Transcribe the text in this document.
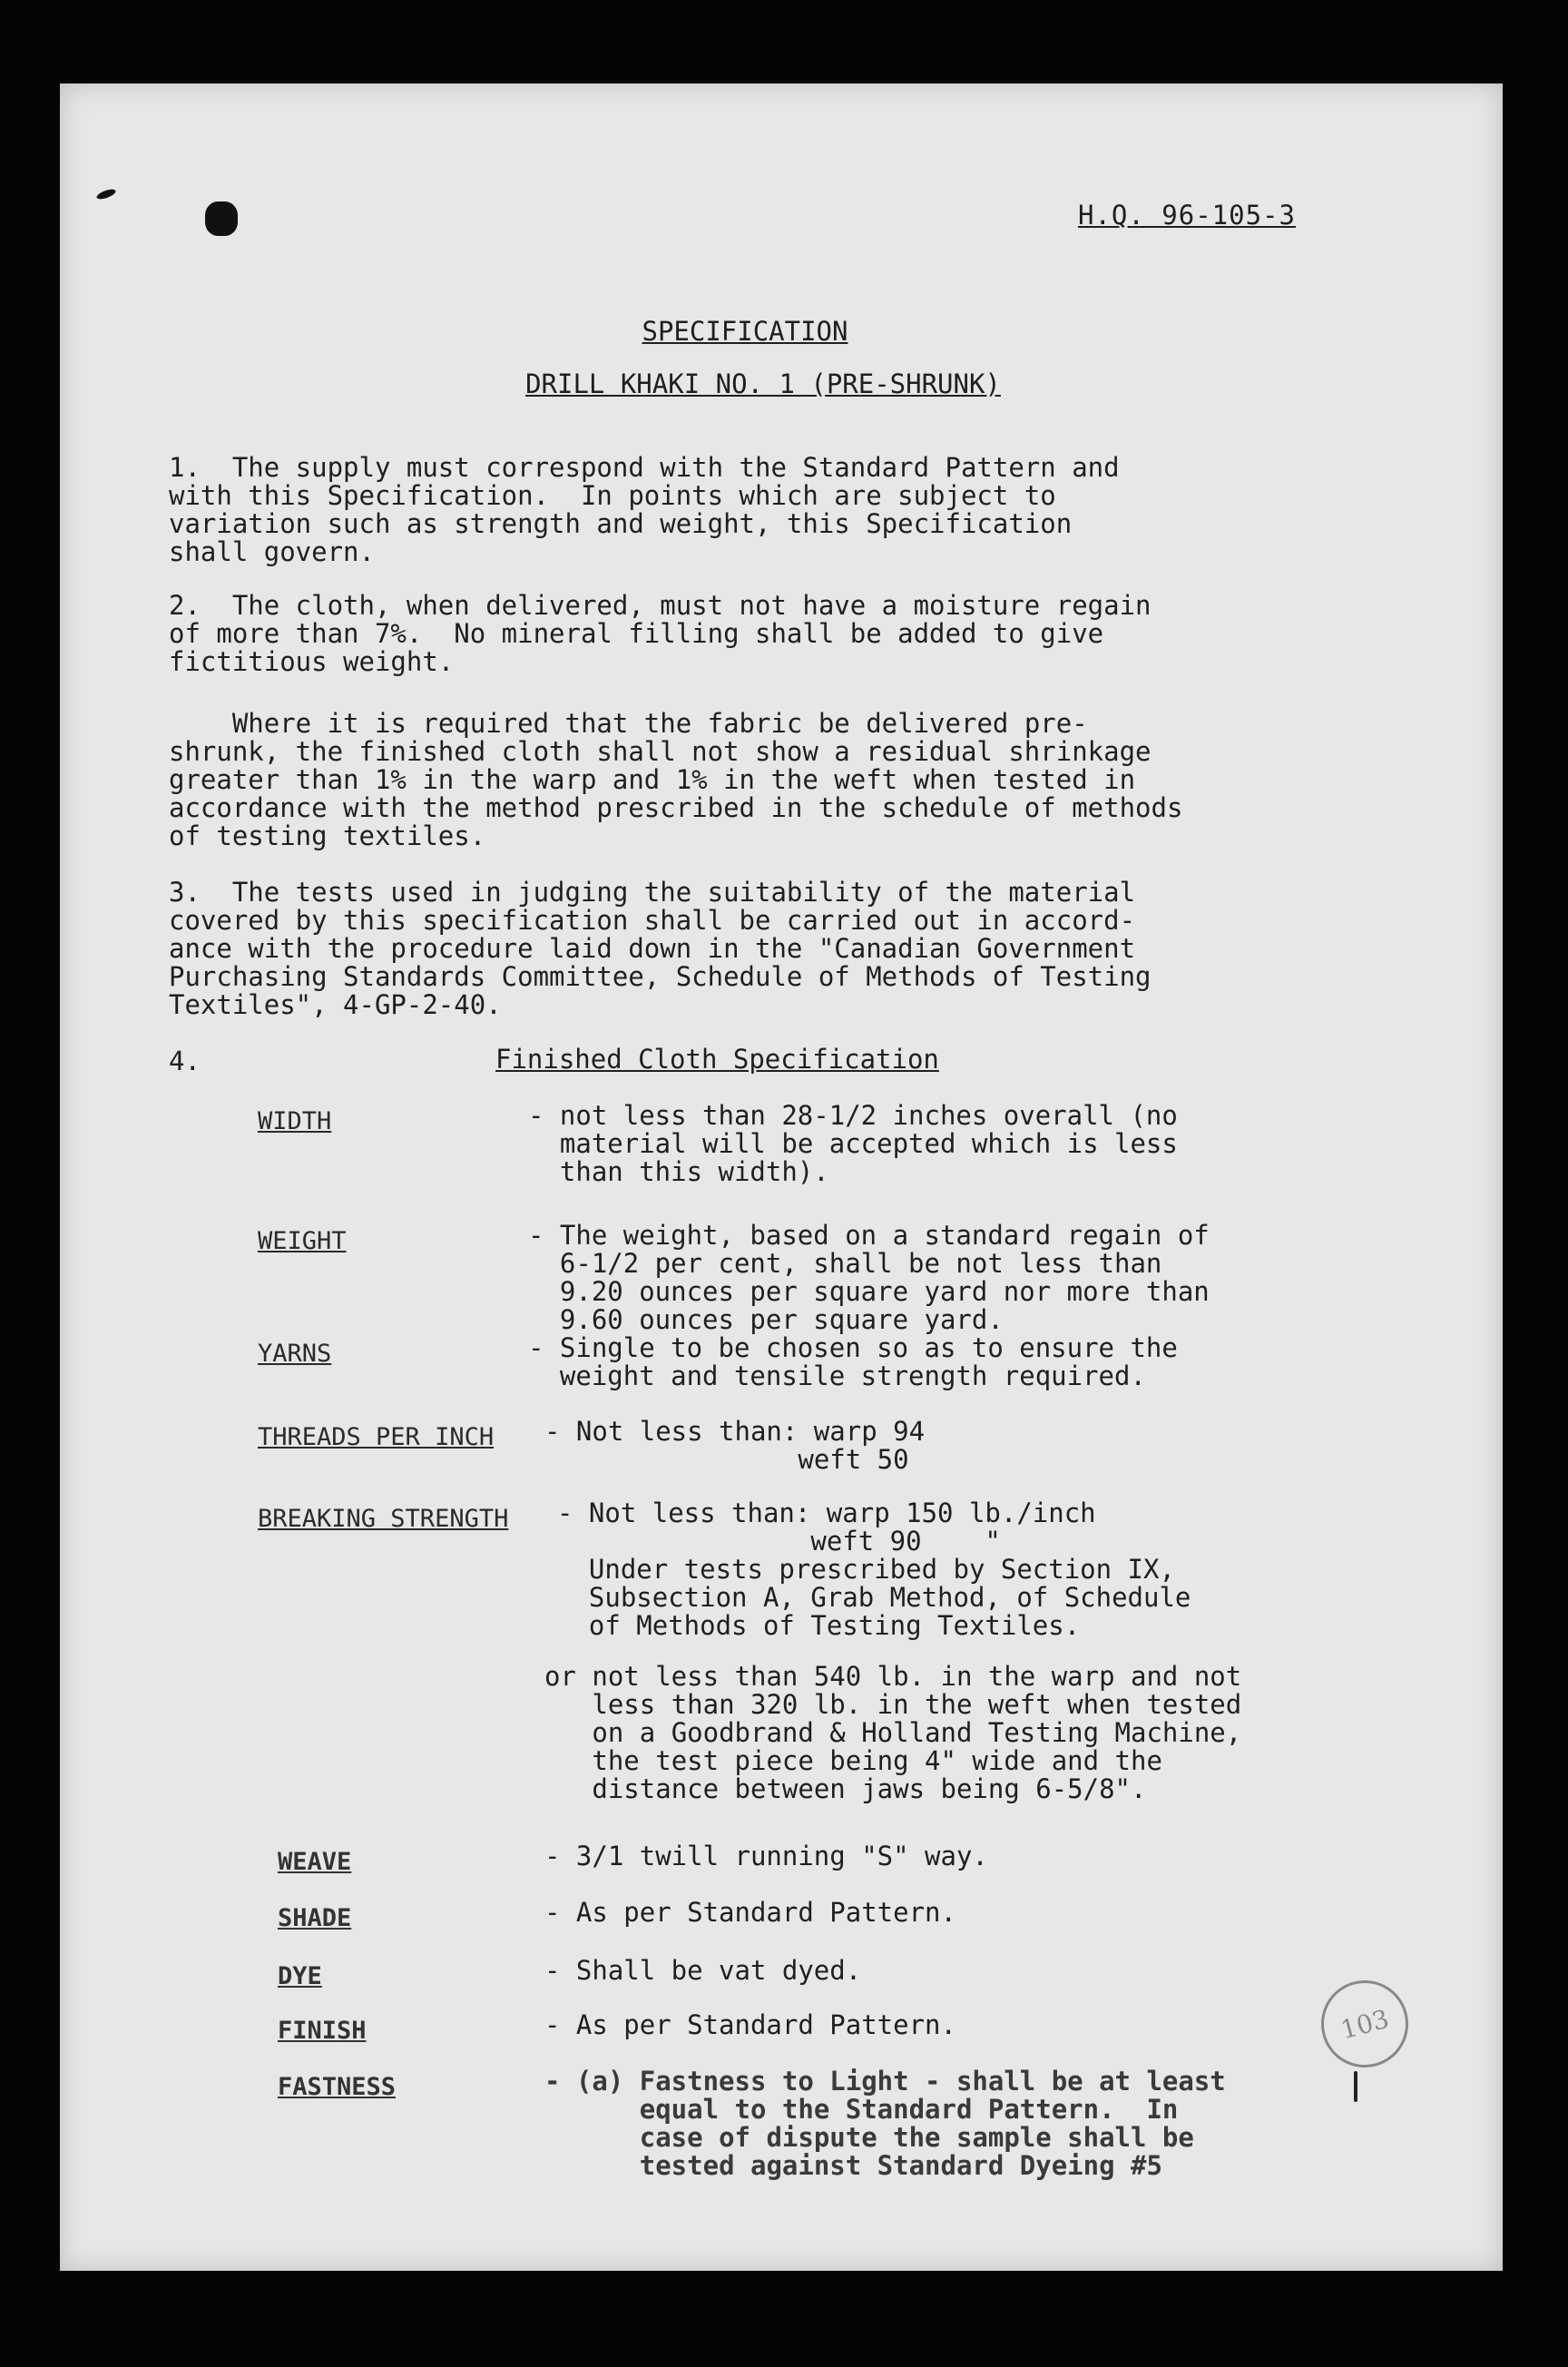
H.Q. 96-105-3
SPECIFICATION
DRILL KHAKI NO. 1 (PRE-SHRUNK)
1.  The supply must correspond with the Standard Pattern and
with this Specification.  In points which are subject to
variation such as strength and weight, this Specification
shall govern.
2.  The cloth, when delivered, must not have a moisture regain
of more than 7%.  No mineral filling shall be added to give
fictitious weight.
Where it is required that the fabric be delivered pre-
shrunk, the finished cloth shall not show a residual shrinkage
greater than 1% in the warp and 1% in the weft when tested in
accordance with the method prescribed in the schedule of methods
of testing textiles.
3.  The tests used in judging the suitability of the material
covered by this specification shall be carried out in accord-
ance with the procedure laid down in the "Canadian Government
Purchasing Standards Committee, Schedule of Methods of Testing
Textiles", 4-GP-2-40.
4.	Finished Cloth Specification
WIDTH	- not less than 28-1/2 inches overall (no
material will be accepted which is less
than this width).
WEIGHT	- The weight, based on a standard regain of
6-1/2 per cent, shall be not less than
9.20 ounces per square yard nor more than
9.60 ounces per square yard.
YARNS	- Single to be chosen so as to ensure the
weight and tensile strength required.
THREADS PER INCH - Not less than: warp 94
weft 50
BREAKING STRENGTH - Not less than: warp 150 lb./inch
weft 90    "
Under tests prescribed by Section IX,
Subsection A, Grab Method, of Schedule
of Methods of Testing Textiles.
or not less than 540 lb. in the warp and not
less than 320 lb. in the weft when tested
on a Goodbrand & Holland Testing Machine,
the test piece being 4" wide and the
distance between jaws being 6-5/8".
WEAVE	- 3/1 twill running "S" way.
SHADE	- As per Standard Pattern.
DYE	- Shall be vat dyed.
FINISH	- As per Standard Pattern.
FASTNESS	- (a) Fastness to Light - shall be at least
equal to the Standard Pattern.  In
case of dispute the sample shall be
tested against Standard Dyeing #5
103
